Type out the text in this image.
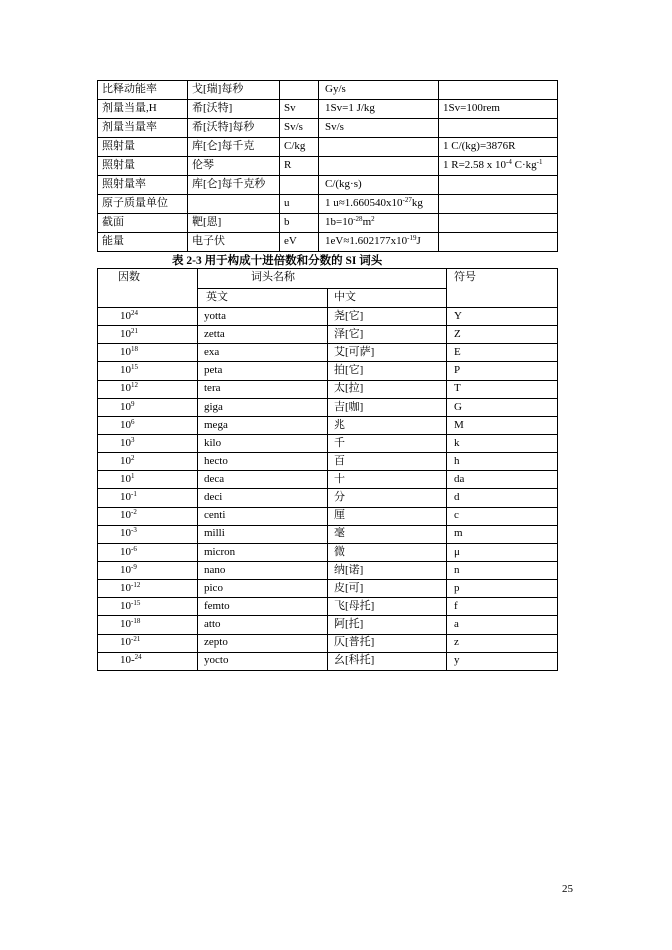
比释动能率	戈[瑞]每秒		Gy/s	
剂量当量,H	希[沃特]	Sv	1Sv=1 J/kg	1Sv=100rem
剂量当量率	希[沃特]每秒	Sv/s	Sv/s	
照射量	库[仑]每千克	C/kg		1 C/(kg)=3876R
照射量	伦琴	R		1 R=2.58 x $10^{-4}$ $C\cdot kg^{-1}$
照射量率	库[仑]每千克秒		C/(kg·s)	
原子质量单位		u	1 $u\approx 1.660540x10^{-27}kg$	
截面	靶[恩]	b	$1b=10^{-28}m^2$	
能量	电子伏	eV	$1eV\approx 1.602177x10^{-19}J$	
表 2-3 用于构成十进倍数和分数的 SI 词头
因数	词头名称		符号
	英文	中文	
$10^{24}$	yotta	尧[它]	Y
$10^{21}$	zetta	泽[它]	Z
$10^{18}$	exa	艾[可萨]	E
$10^{15}$	peta	拍[它]	P
$10^{12}$	tera	太[拉]	T
$10^9$	giga	吉[咖]	G
$10^6$	mega	兆	M
$10^3$	kilo	千	k
$10^2$	hecto	百	h
$10^1$	deca	十	da
$10^{-1}$	deci	分	d
$10^{-2}$	centi	厘	c
$10^{-3}$	milli	毫	m
$10^{-6}$	micron	微	μ
$10^{-9}$	nano	纳[诺]	n
$10^{-12}$	pico	皮[可]	p
$10^{-15}$	femto	飞[母托]	f
$10^{-18}$	atto	阿[托]	a
$10^{-21}$	zepto	仄[普托]	z
10-$^{24}$	yocto	幺[科托]	y
25
